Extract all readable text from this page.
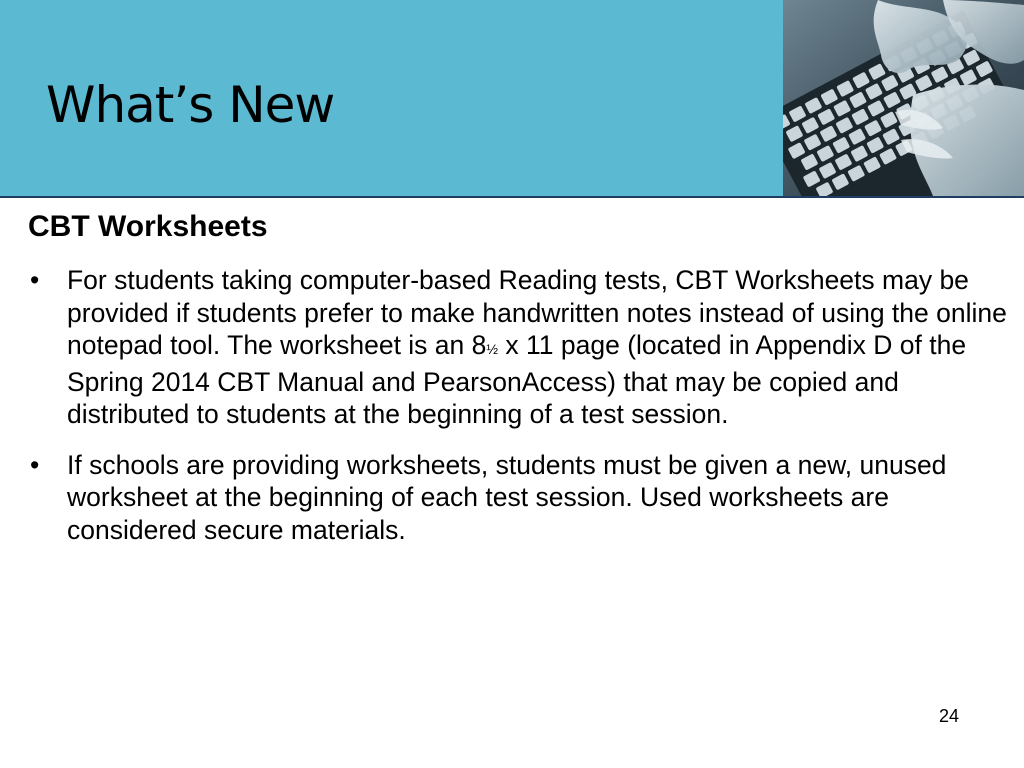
What’s New
CBT Worksheets
• For students taking computer-based Reading tests, CBT Worksheets may be provided if students prefer to make handwritten notes instead of using the online notepad tool. The worksheet is an 8½ x 11 page (located in Appendix D of the Spring 2014 CBT Manual and PearsonAccess) that may be copied and distributed to students at the beginning of a test session.
• If schools are providing worksheets, students must be given a new, unused worksheet at the beginning of each test session. Used worksheets are considered secure materials.
24
